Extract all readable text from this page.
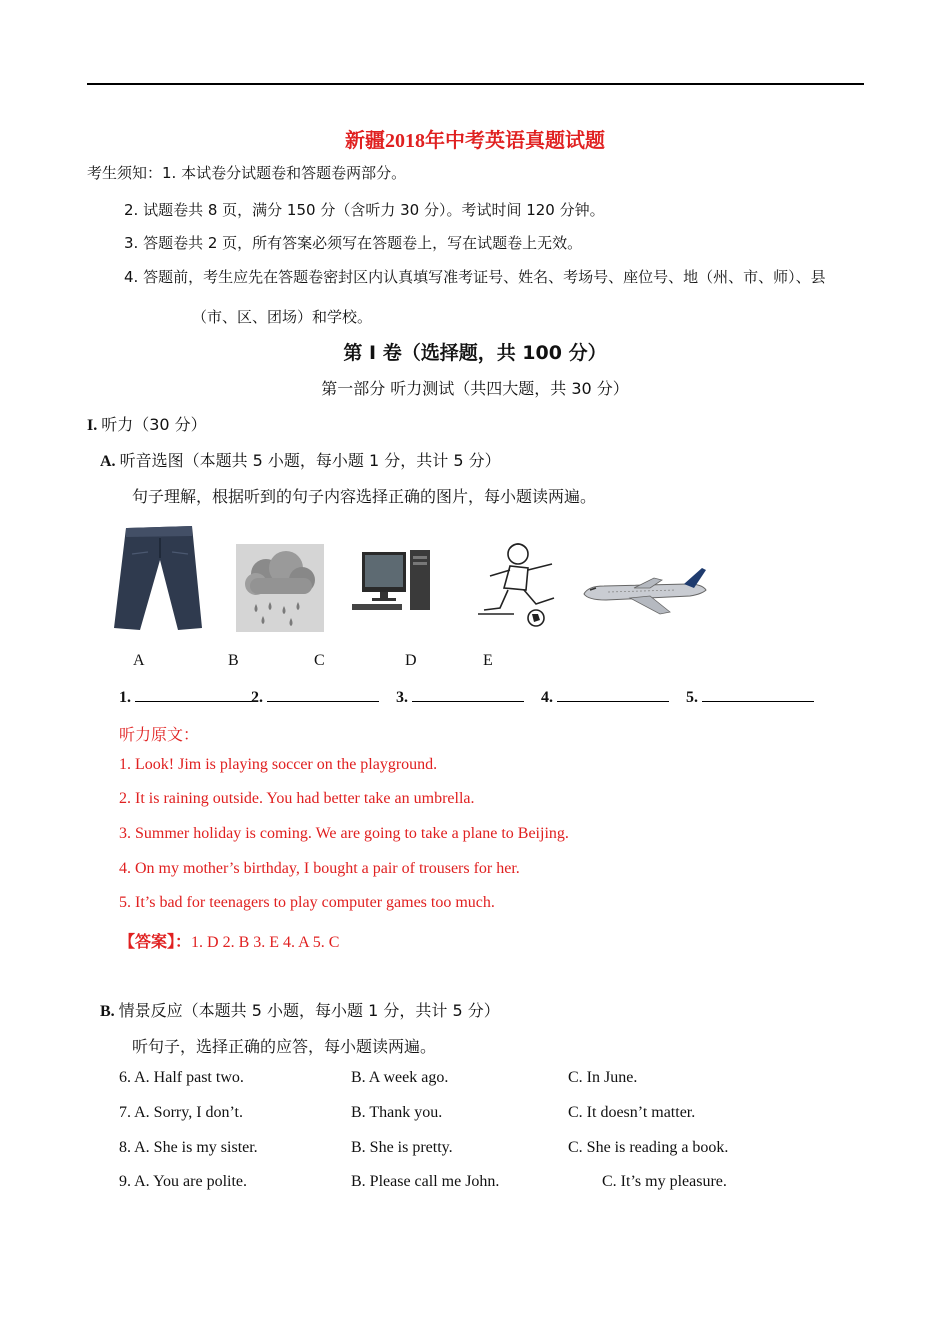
新疆2018年中考英语真题试题
考生须知：1. 本试卷分试题卷和答题卷两部分。
2. 试题卷共 8 页，满分 150 分（含听力 30 分）。考试时间 120 分钟。
3. 答题卷共 2 页，所有答案必须写在答题卷上，写在试题卷上无效。
4. 答题前，考生应先在答题卷密封区内认真填写准考证号、姓名、考场号、座位号、地（州、市、师）、县
（市、区、团场）和学校。
第 I 卷（选择题，共 100 分）
第一部分 听力测试（共四大题，共 30 分）
I. 听力（30 分）
A. 听音选图（本题共 5 小题，每小题 1 分，共计 5 分）
句子理解，根据听到的句子内容选择正确的图片，每小题读两遍。
A	B	C	D	E
1.	2.	3.	4.	5.
听力原文：
1. Look! Jim is playing soccer on the playground.
2. It is raining outside. You had better take an umbrella.
3. Summer holiday is coming. We are going to take a plane to Beijing.
4. On my mother’s birthday, I bought a pair of trousers for her.
5. It’s bad for teenagers to play computer games too much.
【答案】：1. D 2. B 3. E 4. A 5. C
B. 情景反应（本题共 5 小题，每小题 1 分，共计 5 分）
听句子，选择正确的应答，每小题读两遍。
6. A. Half past two.	B. A week ago.	C. In June.
7. A. Sorry, I don’t.	B. Thank you.	C. It doesn’t matter.
8. A. She is my sister.	B. She is pretty.	C. She is reading a book.
9. A. You are polite.	B. Please call me John.	C. It’s my pleasure.
